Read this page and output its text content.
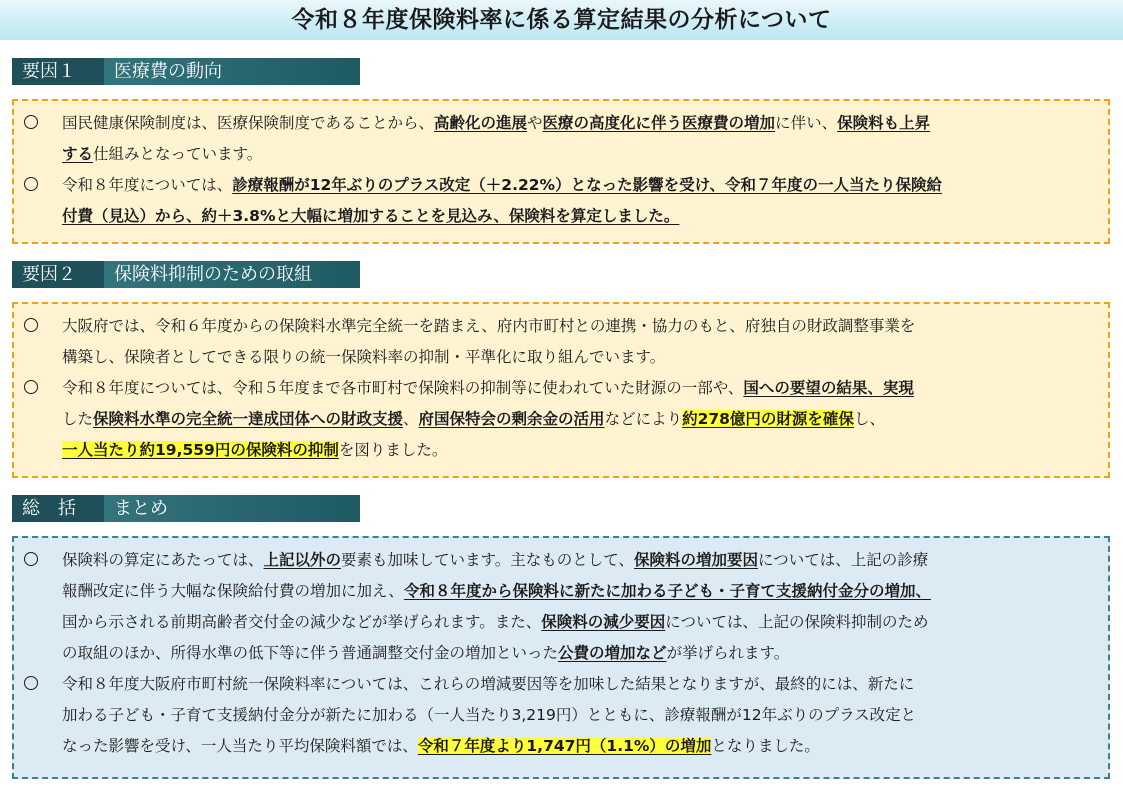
令和８年度保険料率に係る算定結果の分析について
要因１	医療費の動向
国民健康保険制度は、医療保険制度であることから、高齢化の進展や医療の高度化に伴う医療費の増加に伴い、保険料も上昇
する仕組みとなっています。
令和８年度については、診療報酬が12年ぶりのプラス改定（＋2.22%）となった影響を受け、令和７年度の一人当たり保険給
付費（見込）から、約＋3.8%と大幅に増加することを見込み、保険料を算定しました。
要因２	保険料抑制のための取組
大阪府では、令和６年度からの保険料水準完全統一を踏まえ、府内市町村との連携・協力のもと、府独自の財政調整事業を
構築し、保険者としてできる限りの統一保険料率の抑制・平準化に取り組んでいます。
令和８年度については、令和５年度まで各市町村で保険料の抑制等に使われていた財源の一部や、国への要望の結果、実現
した保険料水準の完全統一達成団体への財政支援、府国保特会の剰余金の活用などにより約278億円の財源を確保し、
一人当たり約19,559円の保険料の抑制を図りました。
総　括	まとめ
保険料の算定にあたっては、上記以外の要素も加味しています。主なものとして、保険料の増加要因については、上記の診療
報酬改定に伴う大幅な保険給付費の増加に加え、令和８年度から保険料に新たに加わる子ども・子育て支援納付金分の増加、
国から示される前期高齢者交付金の減少などが挙げられます。また、保険料の減少要因については、上記の保険料抑制のため
の取組のほか、所得水準の低下等に伴う普通調整交付金の増加といった公費の増加などが挙げられます。
令和８年度大阪府市町村統一保険料率については、これらの増減要因等を加味した結果となりますが、最終的には、新たに
加わる子ども・子育て支援納付金分が新たに加わる（一人当たり3,219円）とともに、診療報酬が12年ぶりのプラス改定と
なった影響を受け、一人当たり平均保険料額では、令和７年度より1,747円（1.1%）の増加となりました。
